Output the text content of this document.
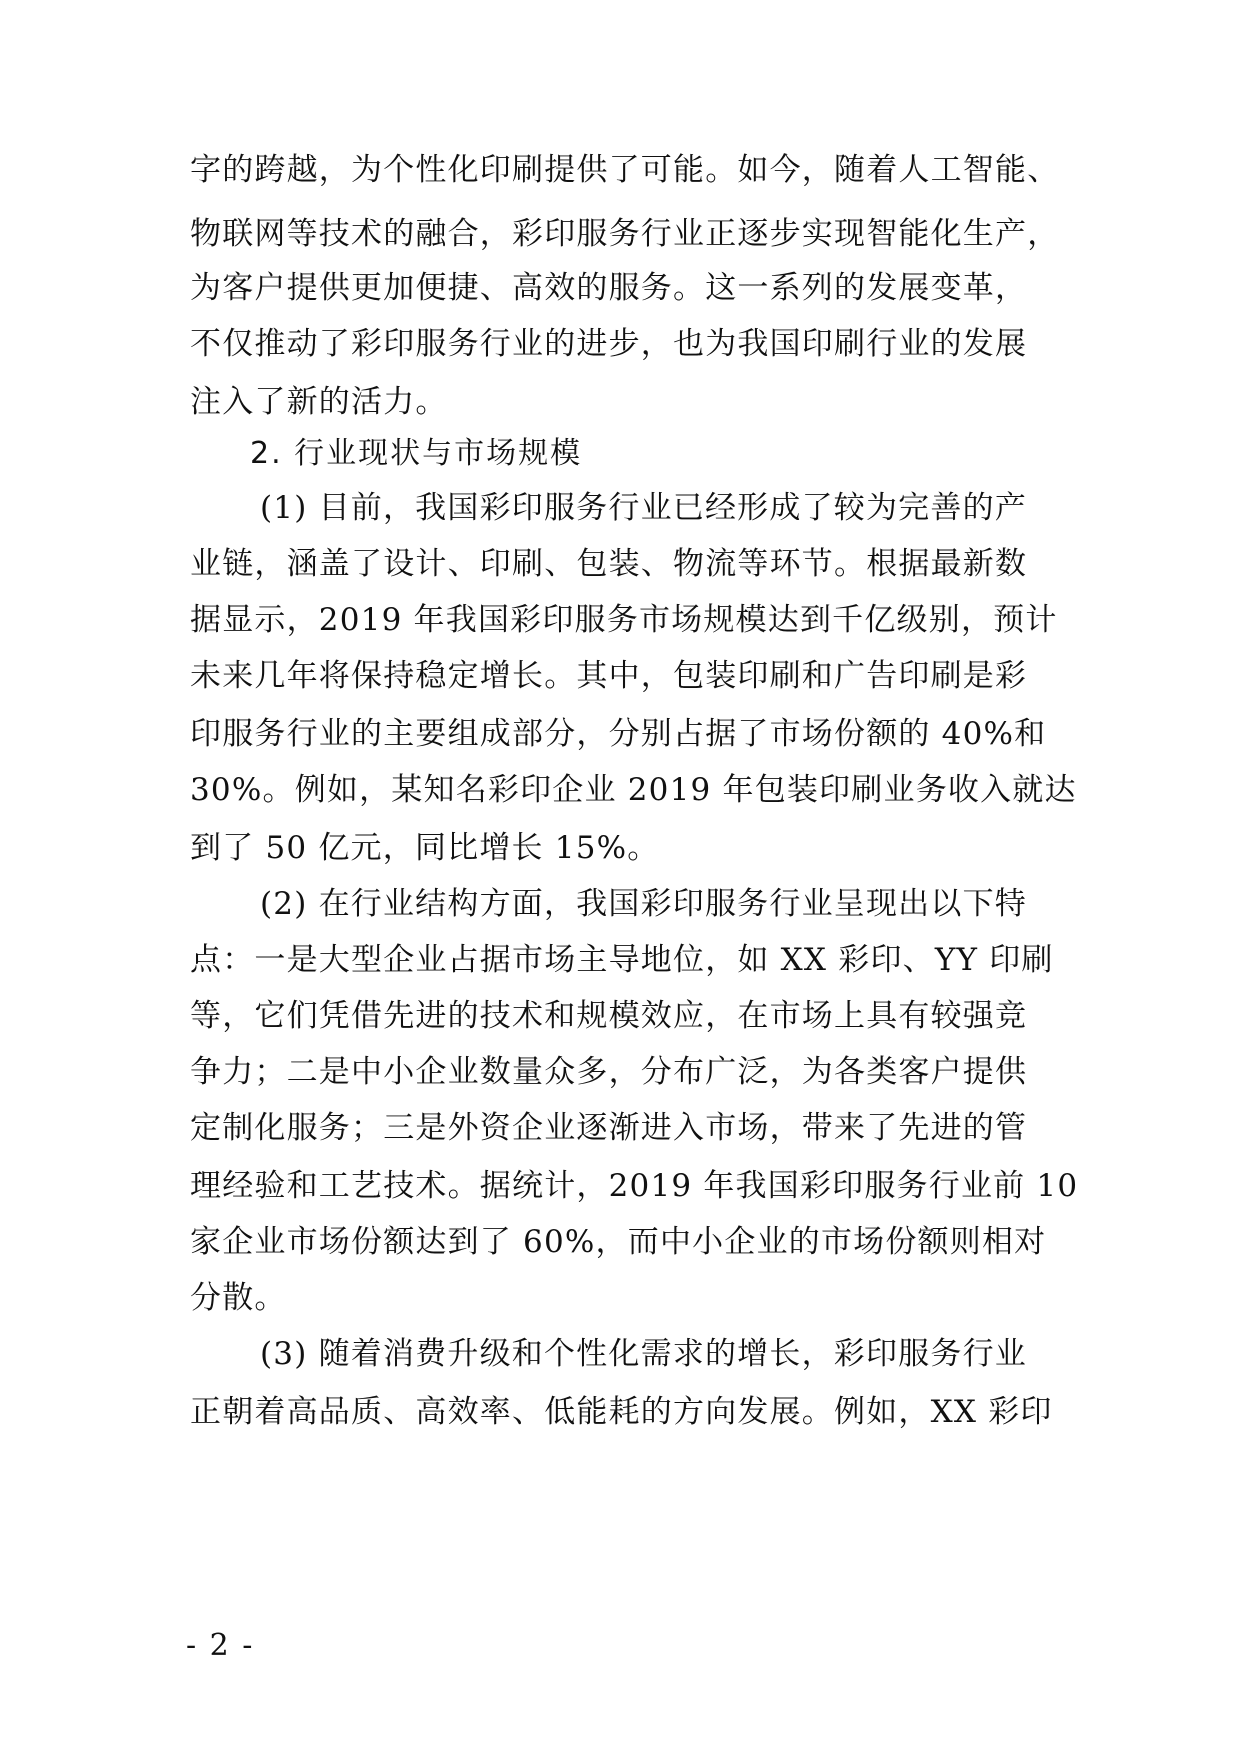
字的跨越，为个性化印刷提供了可能。如今，随着人工智能、
物联网等技术的融合，彩印服务行业正逐步实现智能化生产，
为客户提供更加便捷、高效的服务。这一系列的发展变革，
不仅推动了彩印服务行业的进步，也为我国印刷行业的发展
注入了新的活力。
2. 行业现状与市场规模
(1) 目前，我国彩印服务行业已经形成了较为完善的产
业链，涵盖了设计、印刷、包装、物流等环节。根据最新数
据显示，2019 年我国彩印服务市场规模达到千亿级别，预计
未来几年将保持稳定增长。其中，包装印刷和广告印刷是彩
印服务行业的主要组成部分，分别占据了市场份额的 40%和
30%。例如，某知名彩印企业 2019 年包装印刷业务收入就达
到了 50 亿元，同比增长 15%。
(2) 在行业结构方面，我国彩印服务行业呈现出以下特
点：一是大型企业占据市场主导地位，如 XX 彩印、YY 印刷
等，它们凭借先进的技术和规模效应，在市场上具有较强竞
争力；二是中小企业数量众多，分布广泛，为各类客户提供
定制化服务；三是外资企业逐渐进入市场，带来了先进的管
理经验和工艺技术。据统计，2019 年我国彩印服务行业前 10
家企业市场份额达到了 60%，而中小企业的市场份额则相对
分散。
(3) 随着消费升级和个性化需求的增长，彩印服务行业
正朝着高品质、高效率、低能耗的方向发展。例如，XX 彩印
- 2 -
